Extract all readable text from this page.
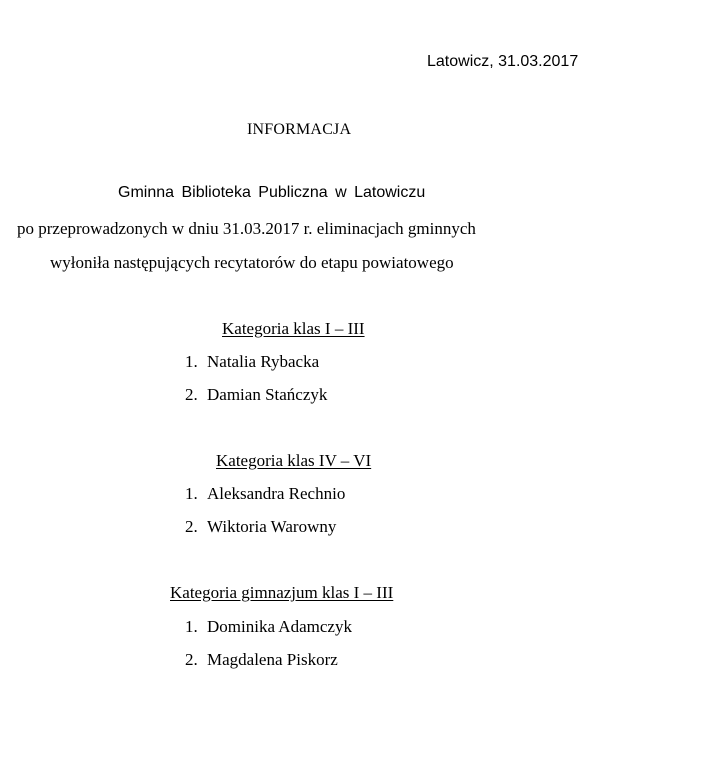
Latowicz, 31.03.2017
INFORMACJA
Gminna Biblioteka Publiczna w Latowiczu
po przeprowadzonych w dniu 31.03.2017 r. eliminacjach gminnych
wyłoniła następujących recytatorów do etapu powiatowego
Kategoria klas I – III
1. Natalia Rybacka
2. Damian Stańczyk
Kategoria klas IV – VI
1. Aleksandra Rechnio
2. Wiktoria Warowny
Kategoria gimnazjum klas I – III
1. Dominika Adamczyk
2. Magdalena Piskorz
